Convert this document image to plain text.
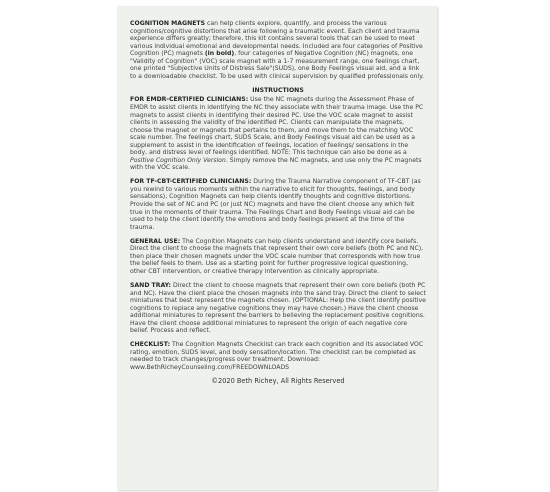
COGNITION MAGNETS can help clients explore, quantify, and process the various cognitions/cognitive distortions that arise following a traumatic event. Each client and trauma experience differs greatly; therefore, this kit contains several tools that can be used to meet various individual emotional and developmental needs. Included are four categories of Positive Cognition (PC) magnets (in bold), four categories of Negative Cognition (NC) magnets, one "Validity of Cognition" (VOC) scale magnet with a 1-7 measurement range, one feelings chart, one printed "Subjective Units of Distress Sale"(SUDS), one Body Feelings visual aid, and a link to a downloadable checklist. To be used with clinical supervision by qualified professionals only.

INSTRUCTIONS

FOR EMDR-CERTIFIED CLINICIANS: Use the NC magnets during the Assessment Phase of EMDR to assist clients in identifying the NC they associate with their trauma image. Use the PC magnets to assist clients in identifying their desired PC. Use the VOC scale magnet to assist clients in assessing the validity of the identified PC. Clients can manipulate the magnets, choose the magnet or magnets that pertains to them, and move them to the matching VOC scale number. The feelings chart, SUDS Scale, and Body Feelings visual aid can be used as a supplement to assist in the identification of feelings, location of feelings/ sensations in the body, and distress level of feelings identified. NOTE: This technique can also be done as a Positive Cognition Only Version. Simply remove the NC magnets, and use only the PC magnets with the VOC scale.

FOR TF-CBT-CERTIFIED CLINICIANS: During the Trauma Narrative component of TF-CBT (as you rewind to various moments within the narrative to elicit for thoughts, feelings, and body sensations), Cognition Magnets can help clients identify thoughts and cognitive distortions. Provide the set of NC and PC (or just NC) magnets and have the client choose any which felt true in the moments of their trauma. The Feelings Chart and Body Feelings visual aid can be used to help the client identify the emotions and body feelings present at the time of the trauma.

GENERAL USE: The Cognition Magnets can help clients understand and identify core beliefs. Direct the client to choose the magnets that represent their own core beliefs (both PC and NC), then place their chosen magnets under the VOC scale number that corresponds with how true the belief feels to them. Use as a starting point for further progressive logical questioning, other CBT intervention, or creative therapy intervention as clinically appropriate.

SAND TRAY: Direct the client to choose magnets that represent their own core beliefs (both PC and NC). Have the client place the chosen magnets into the sand tray. Direct the client to select miniatures that best represent the magnets chosen. (OPTIONAL: Help the client identify positive cognitions to replace any negative cognitions they may have chosen.) Have the client choose additional miniatures to represent the barriers to believing the replacement positive cognitions. Have the client choose additional miniatures to represent the origin of each negative core belief. Process and reflect.

CHECKLIST: The Cognition Magnets Checklist can track each cognition and its associated VOC rating, emotion, SUDS level, and body sensation/location. The checklist can be completed as needed to track changes/progress over treatment. Download: www.BethRicheyCounseling.com/FREEDOWNLOADS

©2020 Beth Richey, All Rights Reserved
